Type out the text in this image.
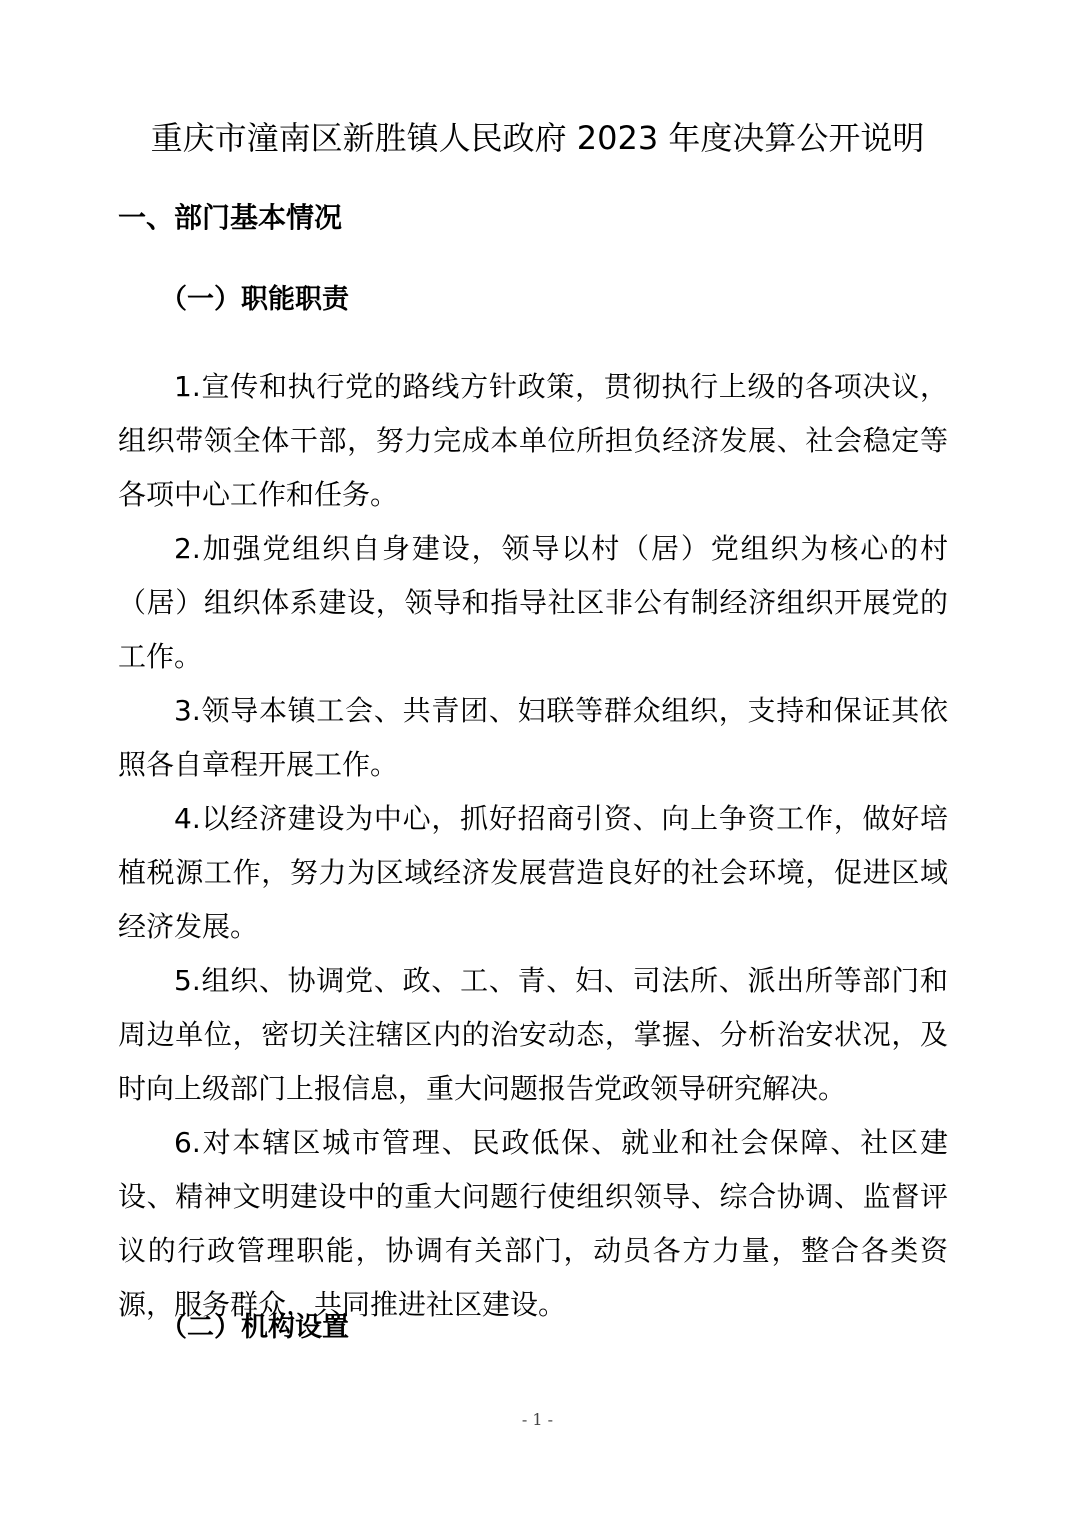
重庆市潼南区新胜镇人民政府 2023 年度决算公开说明
一、部门基本情况
（一）职能职责

1.宣传和执行党的路线方针政策，贯彻执行上级的各项决议，组织带领全体干部，努力完成本单位所担负经济发展、社会稳定等各项中心工作和任务。

2.加强党组织自身建设，领导以村（居）党组织为核心的村（居）组织体系建设，领导和指导社区非公有制经济组织开展党的工作。

3.领导本镇工会、共青团、妇联等群众组织，支持和保证其依照各自章程开展工作。

4.以经济建设为中心，抓好招商引资、向上争资工作，做好培植税源工作，努力为区域经济发展营造良好的社会环境，促进区域经济发展。

5.组织、协调党、政、工、青、妇、司法所、派出所等部门和周边单位，密切关注辖区内的治安动态，掌握、分析治安状况，及时向上级部门上报信息，重大问题报告党政领导研究解决。

6.对本辖区城市管理、民政低保、就业和社会保障、社区建设、精神文明建设中的重大问题行使组织领导、综合协调、监督评议的行政管理职能，协调有关部门，动员各方力量，整合各类资源，服务群众，共同推进社区建设。

（二）机构设置
- 1 -
